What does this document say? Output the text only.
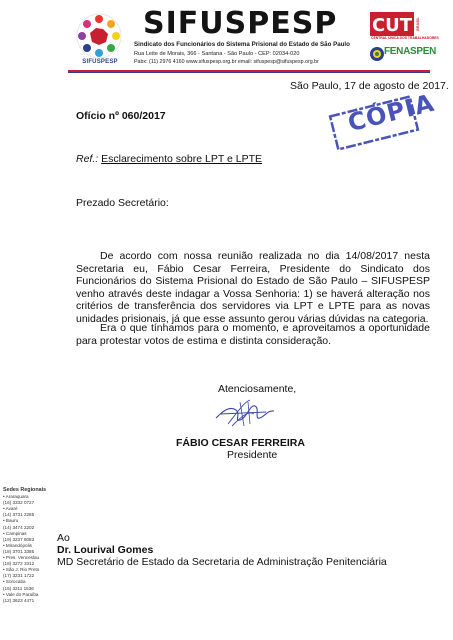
SIFUSPESP
SIFUSPESP
Sindicato dos Funcionários do Sistema Prisional do Estado de São Paulo
Rua Leite de Morais, 366 - Santana - São Paulo - CEP: 02034-020
Pabx: (11) 2976 4160 www.sifuspesp.org.br email: sifuspesp@sifuspesp.org.br
CUT BRASIL
CENTRAL ÚNICA DOS TRABALHADORES
FENASPEN
São Paulo, 17 de agosto de 2017.
CÓPIA
Ofício nº 060/2017
Ref.: Esclarecimento sobre LPT e LPTE
Prezado Secretário:

De acordo com nossa reunião realizada no dia 14/08/2017 nesta Secretaria eu, Fábio Cesar Ferreira, Presidente do Sindicato dos Funcionários do Sistema Prisional do Estado de São Paulo – SIFUSPESP venho através deste indagar a Vossa Senhoria: 1) se haverá alteração nos critérios de transferência dos servidores via LPT e LPTE para as novas unidades prisionais, já que esse assunto gerou várias dúvidas na categoria.

Era o que tínhamos para o momento, e aproveitamos a oportunidade para protestar votos de estima e distinta consideração.

Atenciosamente,
FÁBIO CESAR FERREIRA
Presidente
Sedes Regionais
• Araraquara
(16) 3332 0727
• Avaré
(14) 3731 2285
• Bauru
(14) 3474 2202
• Campinas
(19) 3237 8083
• Mirandópolis
(18) 3701 3385
• Pres. Venceslau
(18) 3272 3312
• São J. Rio Preto
(17) 3231 1722
• Sorocaba
(15) 3211 1536
• Vale do Paraíba
(12) 3623 4471
Ao
Dr. Lourival Gomes
MD Secretário de Estado da Secretaria de Administração Penitenciária
